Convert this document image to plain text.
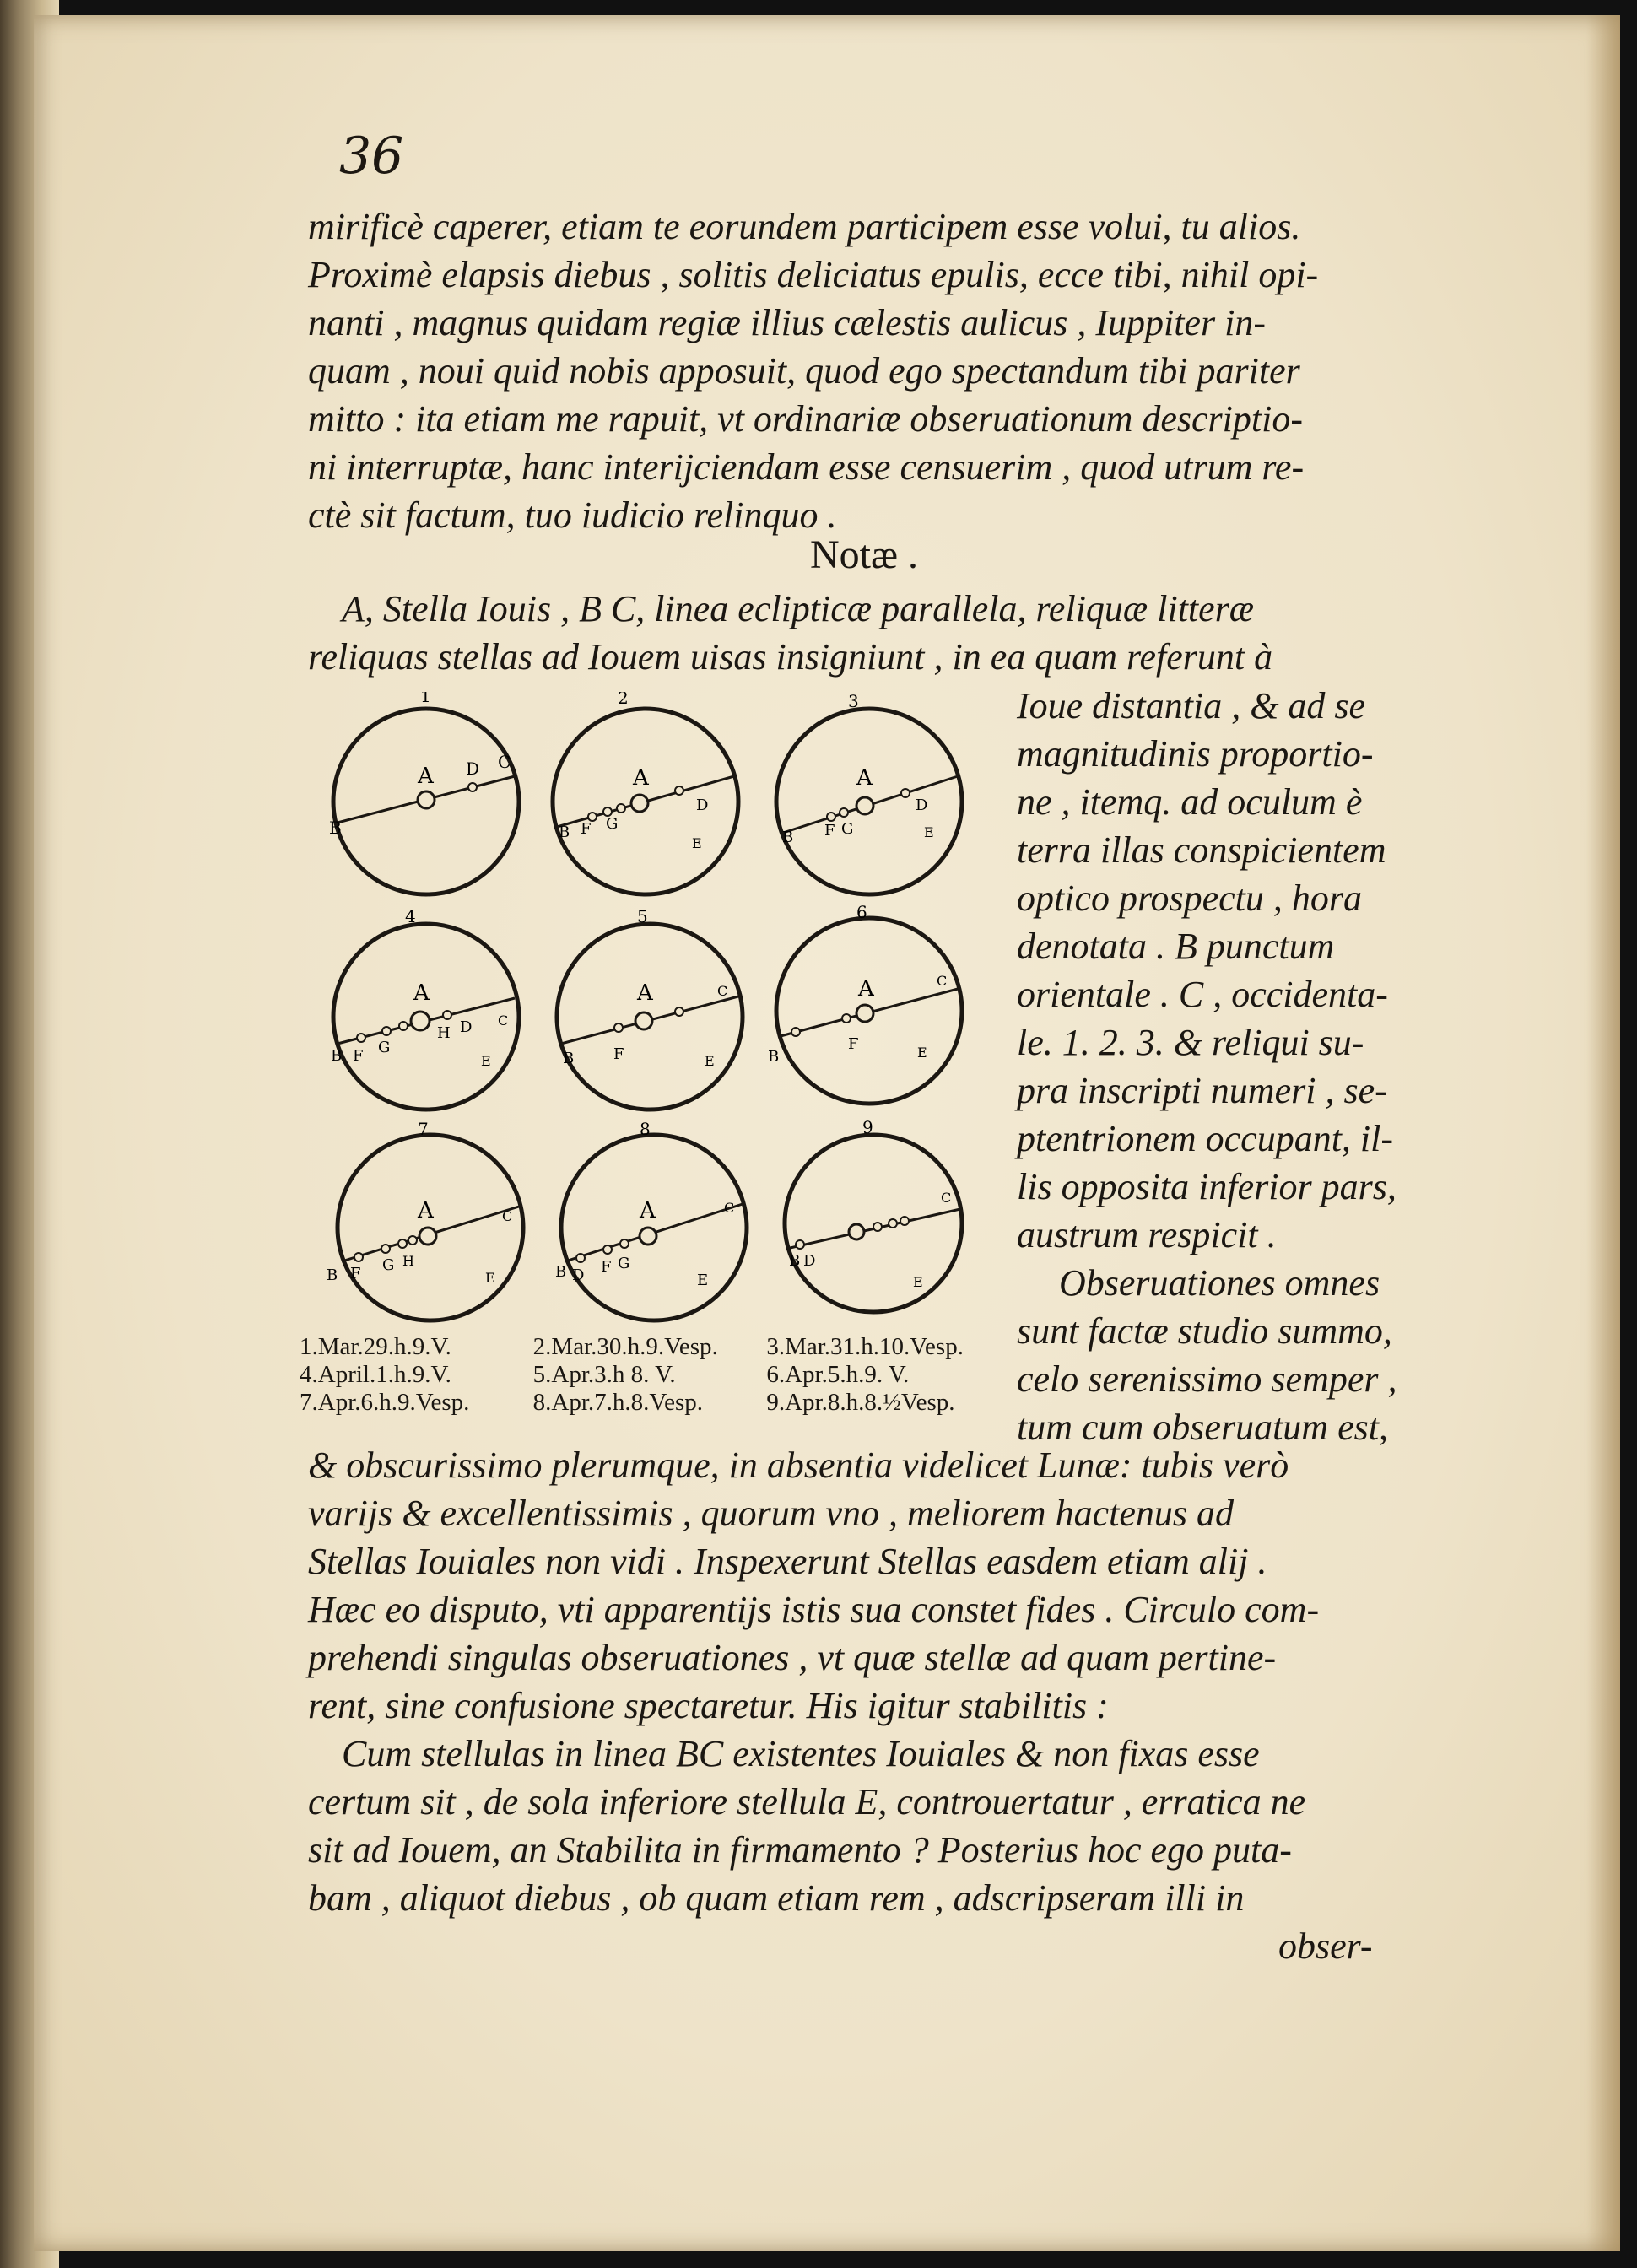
36
mirificè caperer, etiam te eorundem participem esse volui, tu alios.
Proximè elapsis diebus , solitis deliciatus epulis, ecce tibi, nihil opi-
nanti , magnus quidam regiæ illius cælestis aulicus , Iuppiter in-
quam , noui quid nobis apposuit, quod ego spectandum tibi pariter
mitto : ita etiam me rapuit, vt ordinariæ obseruationum descriptio-
ni interruptæ, hanc interijciendam esse censuerim , quod utrum re-
ctè sit factum, tuo iudicio relinquo .
Notæ .
A, Stella Iouis , B C, linea eclipticæ parallela, reliquæ litteræ
reliquas stellas ad Iouem uisas insigniunt , in ea quam referunt à
Ioue distantia , & ad se
magnitudinis proportio-
ne , itemq. ad oculum è
terra illas conspicientem
optico prospectu , hora
denotata . B punctum
orientale . C , occidenta-
le. 1. 2. 3. & reliqui su-
pra inscripti numeri , se-
ptentrionem occupant, il-
lis opposita inferior pars,
austrum respicit .
Obseruationes omnes
sunt factæ studio summo,
celo serenissimo semper ,
tum cum obseruatum est,
1
A
B
C
D
2
A
B F G
D
E
3
A
B F G
D
E
4
A
B F G
H D C
E
5
A
B	F
C
E
6
A
B
F
C
E
7
A
B F G H
C
E
8
A
B D F G
C
E
9
B D
C
E
1.Mar.29.h.9.V.	2.Mar.30.h.9.Vesp.	3.Mar.31.h.10.Vesp.
4.April.1.h.9.V.	5.Apr.3.h 8. V.	6.Apr.5.h.9. V.
7.Apr.6.h.9.Vesp.	8.Apr.7.h.8.Vesp.	9.Apr.8.h.8.½Vesp.
& obscurissimo plerumque, in absentia videlicet Lunæ: tubis verò
varijs & excellentissimis , quorum vno , meliorem hactenus ad
Stellas Iouiales non vidi . Inspexerunt Stellas easdem etiam alij .
Hæc eo disputo, vti apparentijs istis sua constet fides . Circulo com-
prehendi singulas obseruationes , vt quæ stellæ ad quam pertine-
rent, sine confusione spectaretur. His igitur stabilitis :
Cum stellulas in linea BC existentes Iouiales & non fixas esse
certum sit , de sola inferiore stellula E, controuertatur , erratica ne
sit ad Iouem, an Stabilita in firmamento ? Posterius hoc ego puta-
bam , aliquot diebus , ob quam etiam rem , adscripseram illi in
obser-
